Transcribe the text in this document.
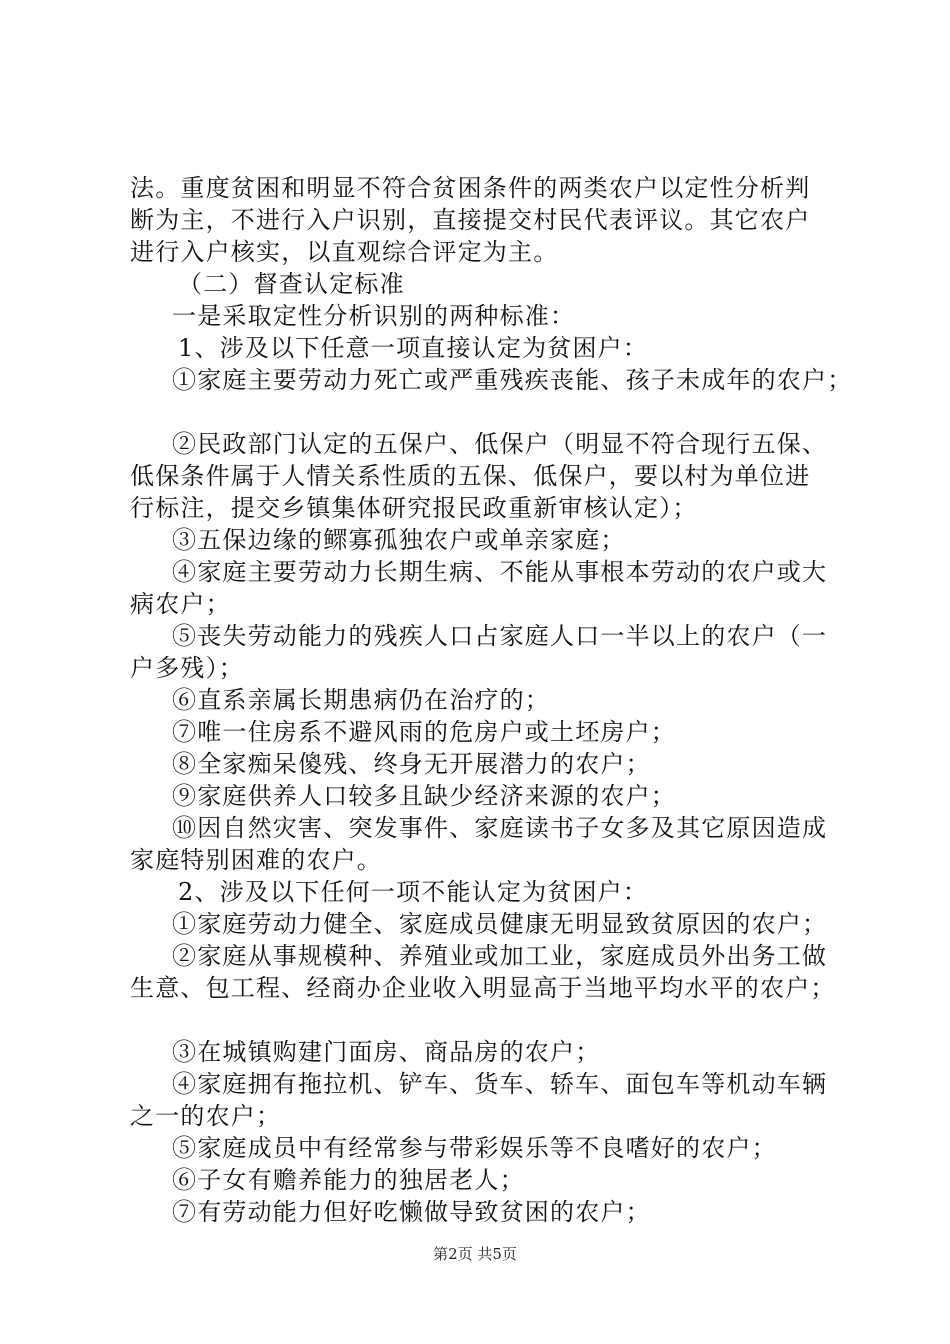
法。重度贫困和明显不符合贫困条件的两类农户以定性分析判
断为主，不进行入户识别，直接提交村民代表评议。其它农户
进行入户核实，以直观综合评定为主。
（二）督查认定标准
一是采取定性分析识别的两种标准：
1、涉及以下任意一项直接认定为贫困户：
①家庭主要劳动力死亡或严重残疾丧能、孩子未成年的农户；
②民政部门认定的五保户、低保户（明显不符合现行五保、
低保条件属于人情关系性质的五保、低保户，要以村为单位进
行标注，提交乡镇集体研究报民政重新审核认定）；
③五保边缘的鳏寡孤独农户或单亲家庭；
④家庭主要劳动力长期生病、不能从事根本劳动的农户或大
病农户；
⑤丧失劳动能力的残疾人口占家庭人口一半以上的农户（一
户多残）；
⑥直系亲属长期患病仍在治疗的；
⑦唯一住房系不避风雨的危房户或土坯房户；
⑧全家痴呆傻残、终身无开展潜力的农户；
⑨家庭供养人口较多且缺少经济来源的农户；
⑩因自然灾害、突发事件、家庭读书子女多及其它原因造成
家庭特别困难的农户。
2、涉及以下任何一项不能认定为贫困户：
①家庭劳动力健全、家庭成员健康无明显致贫原因的农户；
②家庭从事规模种、养殖业或加工业，家庭成员外出务工做
生意、包工程、经商办企业收入明显高于当地平均水平的农户；
③在城镇购建门面房、商品房的农户；
④家庭拥有拖拉机、铲车、货车、轿车、面包车等机动车辆
之一的农户；
⑤家庭成员中有经常参与带彩娱乐等不良嗜好的农户；
⑥子女有赡养能力的独居老人；
⑦有劳动能力但好吃懒做导致贫困的农户；
第2页 共5页
